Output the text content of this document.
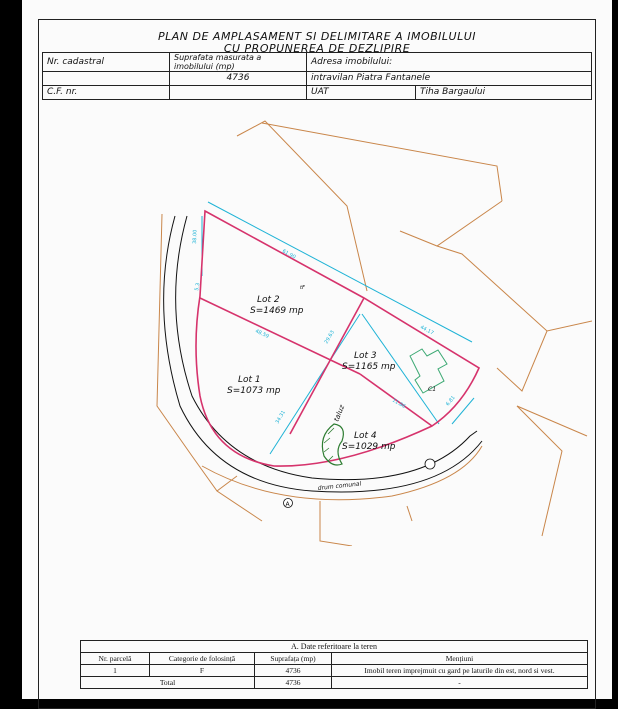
PLAN DE AMPLASAMENT SI DELIMITARE A IMOBILULUI
CU PROPUNEREA DE DEZLIPIRE
Nr. cadastral	Suprafata masurata a imobilului (mp)	Adresa imobilului:	
	4736	intravilan Piatra Fantanele	
C.F. nr.		UAT	Tiha Bargaului
Lot 2
S=1469 mp
Lot 3
S=1165 mp
Lot 1
S=1073 mp
Lot 4
S=1029 mp
tF
C1
taluz
drum comunal
61.90
44.17
48.59	29.63
34.31
11.86
38.00
5.3
6.81
A
A. Date referitoare la teren
Nr. parcelă	Categorie de folosință	Suprafața (mp)	Mențiuni
1	F	4736	Imobil teren imprejmuit cu gard pe laturile din est, nord si vest.
Total		4736	-
